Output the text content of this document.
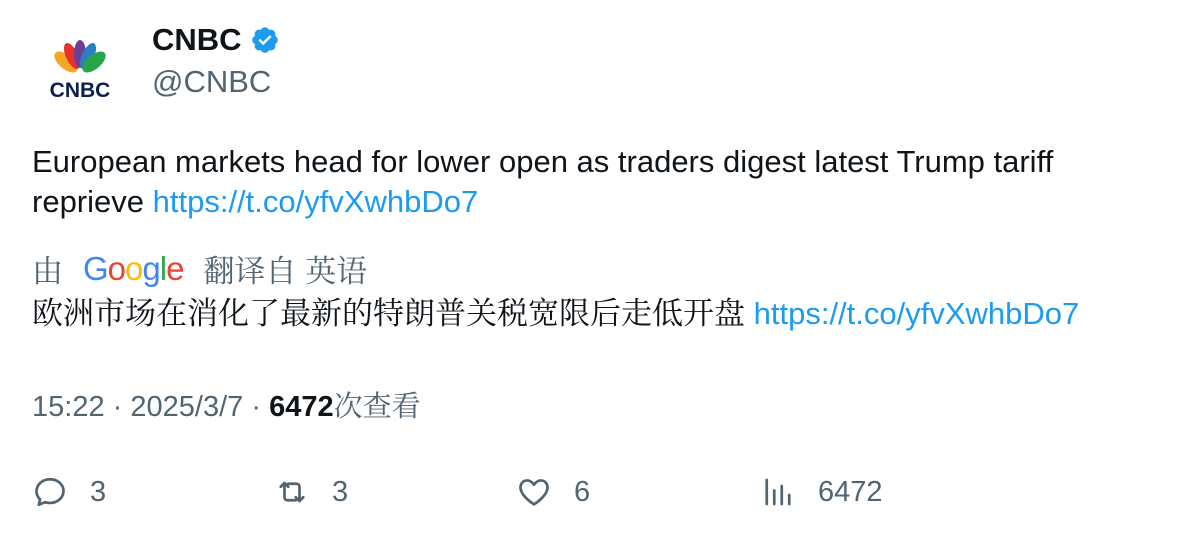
CNBC
CNBC
@CNBC
European markets head for lower open as traders digest latest Trump tariff reprieve https://t.co/yfvXwhbDo7
由 Google 翻译自 英语
欧洲市场在消化了最新的特朗普关税宽限后走低开盘 https://t.co/yfvXwhbDo7
15:22 · 2025/3/7 · 6472次查看
3	3	6	6472
